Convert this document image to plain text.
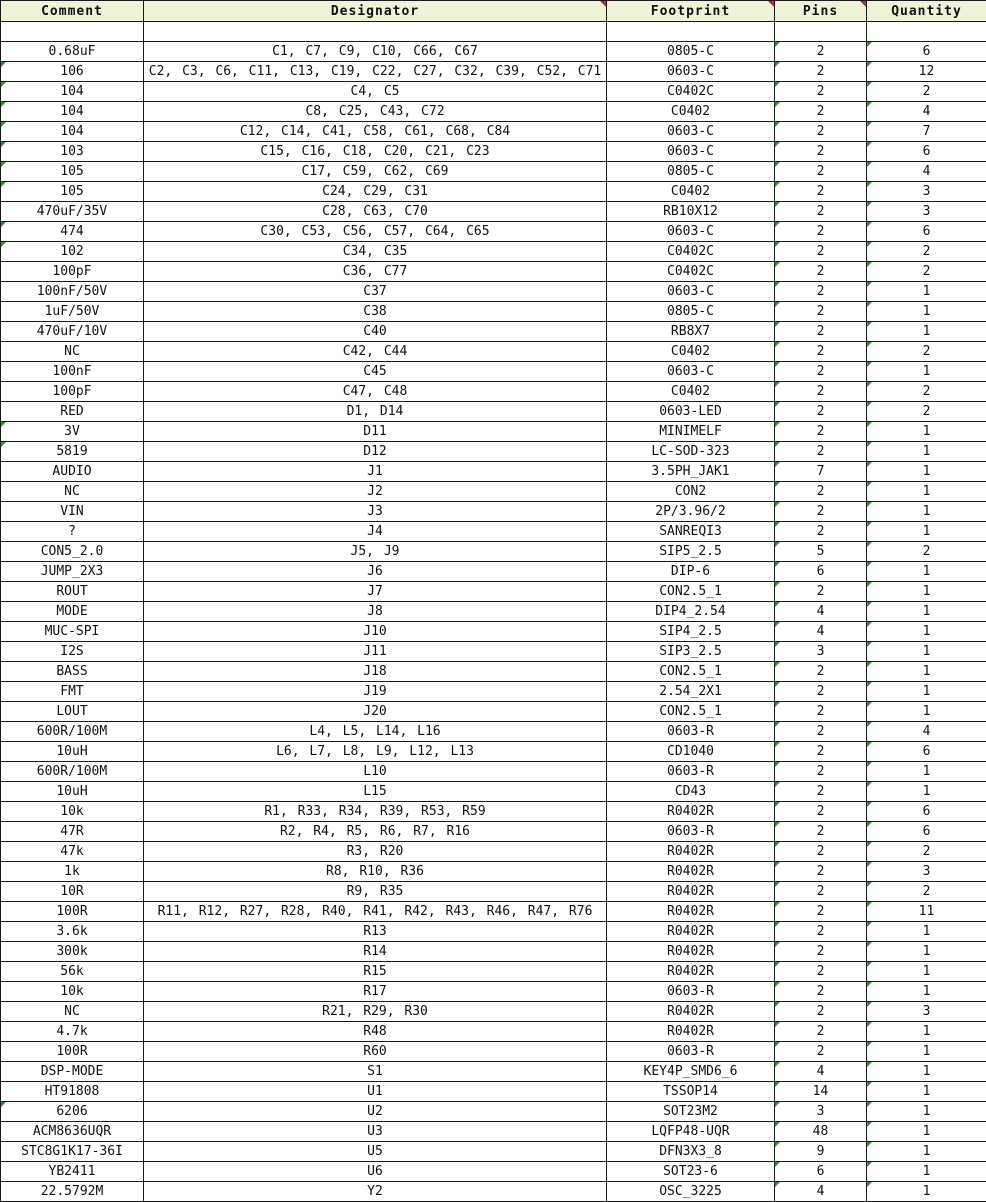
Comment	Designator	Footprint	Pins	Quantity

0.68uF	C1, C7, C9, C10, C66, C67	0805-C	2	6
106	C2, C3, C6, C11, C13, C19, C22, C27, C32, C39, C52, C71	0603-C	2	12
104	C4, C5	C0402C	2	2
104	C8, C25, C43, C72	C0402	2	4
104	C12, C14, C41, C58, C61, C68, C84	0603-C	2	7
103	C15, C16, C18, C20, C21, C23	0603-C	2	6
105	C17, C59, C62, C69	0805-C	2	4
105	C24, C29, C31	C0402	2	3
470uF/35V	C28, C63, C70	RB10X12	2	3
474	C30, C53, C56, C57, C64, C65	0603-C	2	6
102	C34, C35	C0402C	2	2
100pF	C36, C77	C0402C	2	2
100nF/50V	C37	0603-C	2	1
1uF/50V	C38	0805-C	2	1
470uF/10V	C40	RB8X7	2	1
NC	C42, C44	C0402	2	2
100nF	C45	0603-C	2	1
100pF	C47, C48	C0402	2	2
RED	D1, D14	0603-LED	2	2
3V	D11	MINIMELF	2	1
5819	D12	LC-SOD-323	2	1
AUDIO	J1	3.5PH_JAK1	7	1
NC	J2	CON2	2	1
VIN	J3	2P/3.96/2	2	1
?	J4	SANREQI3	2	1
CON5_2.0	J5, J9	SIP5_2.5	5	2
JUMP_2X3	J6	DIP-6	6	1
ROUT	J7	CON2.5_1	2	1
MODE	J8	DIP4_2.54	4	1
MUC-SPI	J10	SIP4_2.5	4	1
I2S	J11	SIP3_2.5	3	1
BASS	J18	CON2.5_1	2	1
FMT	J19	2.54_2X1	2	1
LOUT	J20	CON2.5_1	2	1
600R/100M	L4, L5, L14, L16	0603-R	2	4
10uH	L6, L7, L8, L9, L12, L13	CD1040	2	6
600R/100M	L10	0603-R	2	1
10uH	L15	CD43	2	1
10k	R1, R33, R34, R39, R53, R59	R0402R	2	6
47R	R2, R4, R5, R6, R7, R16	0603-R	2	6
47k	R3, R20	R0402R	2	2
1k	R8, R10, R36	R0402R	2	3
10R	R9, R35	R0402R	2	2
100R	R11, R12, R27, R28, R40, R41, R42, R43, R46, R47, R76	R0402R	2	11
3.6k	R13	R0402R	2	1
300k	R14	R0402R	2	1
56k	R15	R0402R	2	1
10k	R17	0603-R	2	1
NC	R21, R29, R30	R0402R	2	3
4.7k	R48	R0402R	2	1
100R	R60	0603-R	2	1
DSP-MODE	S1	KEY4P_SMD6_6	4	1
HT91808	U1	TSSOP14	14	1
6206	U2	SOT23M2	3	1
ACM8636UQR	U3	LQFP48-UQR	48	1
STC8G1K17-36I	U5	DFN3X3_8	9	1
YB2411	U6	SOT23-6	6	1
22.5792M	Y2	OSC_3225	4	1
